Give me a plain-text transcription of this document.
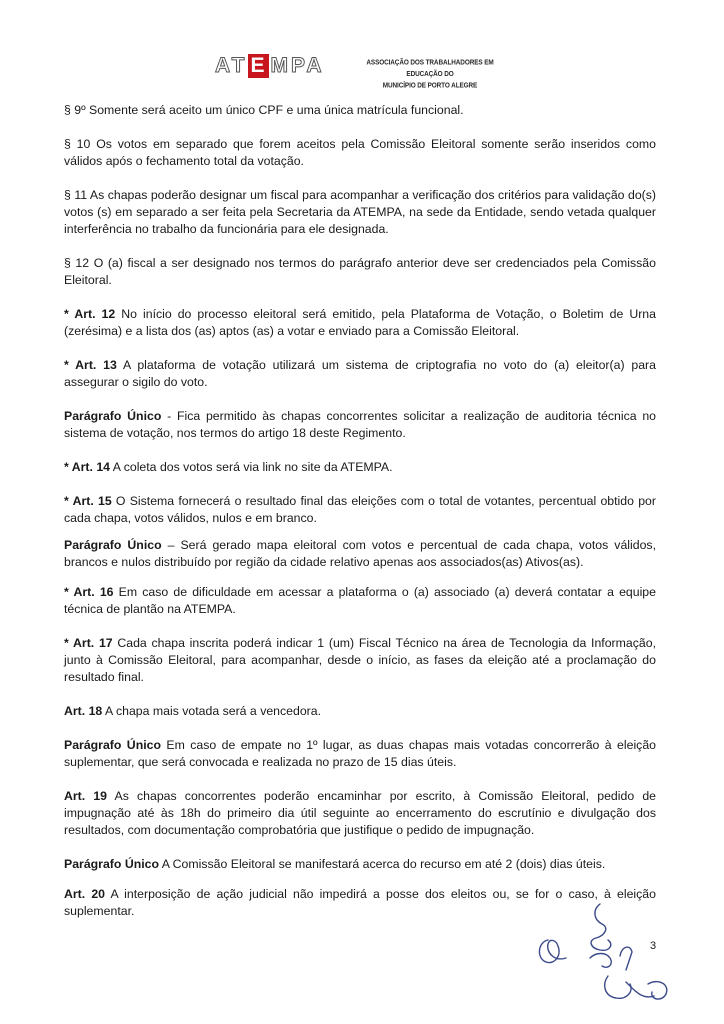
AT E MPA	ASSOCIAÇÃO DOS TRABALHADORES EM EDUCAÇÃO DO
MUNICÍPIO DE PORTO ALEGRE

§ 9º Somente será aceito um único CPF e uma única matrícula funcional.

§ 10 Os votos em separado que forem aceitos pela Comissão Eleitoral somente serão inseridos como válidos após o fechamento total da votação.

§ 11 As chapas poderão designar um fiscal para acompanhar a verificação dos critérios para validação do(s) votos (s) em separado a ser feita pela Secretaria da ATEMPA, na sede da Entidade, sendo vetada qualquer interferência no trabalho da funcionária para ele designada.

§ 12 O (a) fiscal a ser designado nos termos do parágrafo anterior deve ser credenciados pela Comissão Eleitoral.

* Art. 12 No início do processo eleitoral será emitido, pela Plataforma de Votação, o Boletim de Urna (zerésima) e a lista dos (as) aptos (as) a votar e enviado para a Comissão Eleitoral.

* Art. 13 A plataforma de votação utilizará um sistema de criptografia no voto do (a) eleitor(a) para assegurar o sigilo do voto.

Parágrafo Único - Fica permitido às chapas concorrentes solicitar a realização de auditoria técnica no sistema de votação, nos termos do artigo 18 deste Regimento.

* Art. 14 A coleta dos votos será via link no site da ATEMPA.

* Art. 15 O Sistema fornecerá o resultado final das eleições com o total de votantes, percentual obtido por cada chapa, votos válidos, nulos e em branco.

Parágrafo Único – Será gerado mapa eleitoral com votos e percentual de cada chapa, votos válidos, brancos e nulos distribuído por região da cidade relativo apenas aos associados(as) Ativos(as).

* Art. 16 Em caso de dificuldade em acessar a plataforma o (a) associado (a) deverá contatar a equipe técnica de plantão na ATEMPA.

* Art. 17 Cada chapa inscrita poderá indicar 1 (um) Fiscal Técnico na área de Tecnologia da Informação, junto à Comissão Eleitoral, para acompanhar, desde o início, as fases da eleição até a proclamação do resultado final.

Art. 18 A chapa mais votada será a vencedora.

Parágrafo Único Em caso de empate no 1º lugar, as duas chapas mais votadas concorrerão à eleição suplementar, que será convocada e realizada no prazo de 15 dias úteis.

Art. 19 As chapas concorrentes poderão encaminhar por escrito, à Comissão Eleitoral, pedido de impugnação até às 18h do primeiro dia útil seguinte ao encerramento do escrutínio e divulgação dos resultados, com documentação comprobatória que justifique o pedido de impugnação.

Parágrafo Único A Comissão Eleitoral se manifestará acerca do recurso em até 2 (dois) dias úteis.

Art. 20 A interposição de ação judicial não impedirá a posse dos eleitos ou, se for o caso, à eleição suplementar.

3
